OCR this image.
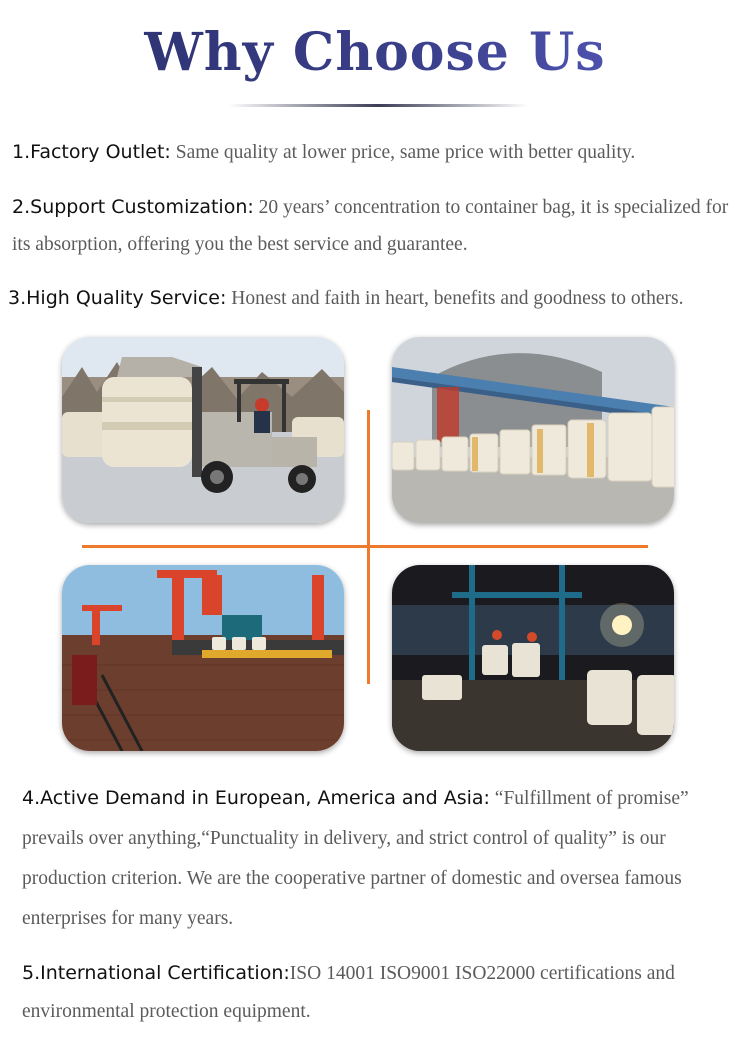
Why Choose Us
1.Factory Outlet: Same quality at lower price, same price with better quality.
2.Support Customization: 20 years’ concentration to container bag, it is specialized for its absorption, offering you the best service and guarantee.
3.High Quality Service: Honest and faith in heart, benefits and goodness to others.
4.Active Demand in European, America and Asia: “Fulfillment of promise” prevails over anything,“Punctuality in delivery, and strict control of quality” is our production criterion. We are the cooperative partner of domestic and oversea famous enterprises for many years.
5.International Certification:ISO 14001 ISO9001 ISO22000 certifications and environmental protection equipment.
